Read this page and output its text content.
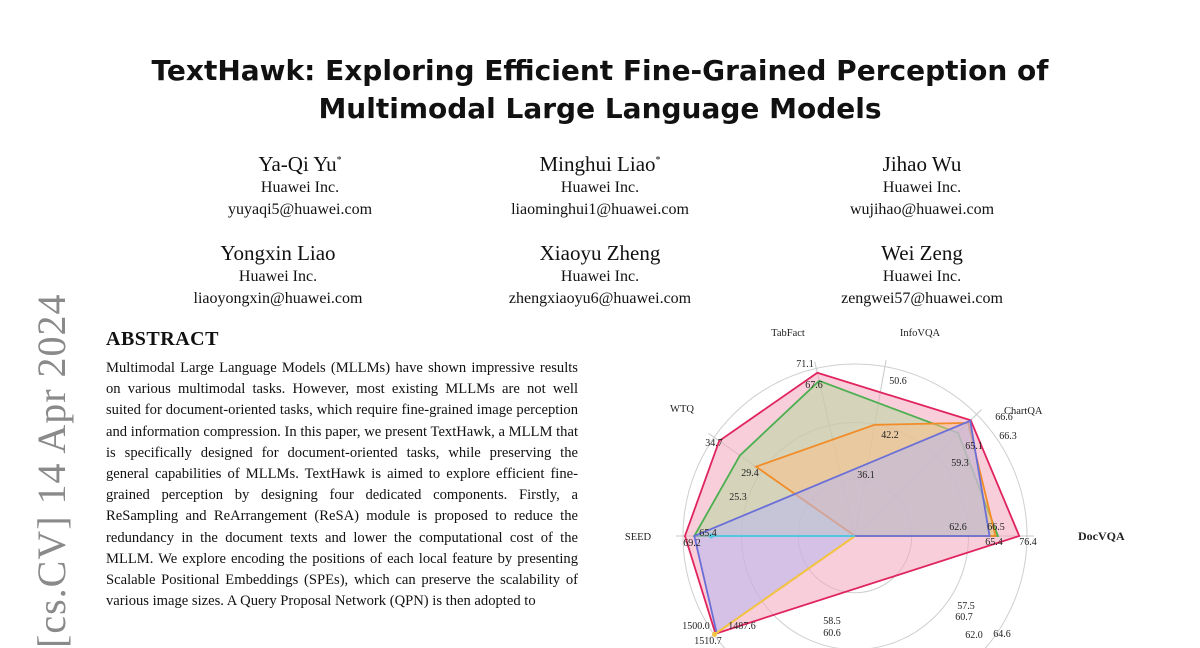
[cs.CV] 14 Apr 2024
TextHawk: Exploring Efficient Fine-Grained Perception of
Multimodal Large Language Models
Ya-Qi Yu*
Huawei Inc.
yuyaqi5@huawei.com
Minghui Liao*
Huawei Inc.
liaominghui1@huawei.com
Jihao Wu
Huawei Inc.
wujihao@huawei.com
Yongxin Liao
Huawei Inc.
liaoyongxin@huawei.com
Xiaoyu Zheng
Huawei Inc.
zhengxiaoyu6@huawei.com
Wei Zeng
Huawei Inc.
zengwei57@huawei.com
ABSTRACT
Multimodal Large Language Models (MLLMs) have shown impressive results on various multimodal tasks. However, most existing MLLMs are not well suited for document-oriented tasks, which require fine-grained image perception and information compression. In this paper, we present TextHawk, a MLLM that is specifically designed for document-oriented tasks, while preserving the general capabilities of MLLMs. TextHawk is aimed to explore efficient fine-grained perception by designing four dedicated components. Firstly, a ReSampling and ReArrangement (ReSA) module is proposed to reduce the redundancy in the document texts and lower the computational cost of the MLLM. We explore encoding the positions of each local feature by presenting Scalable Positional Embeddings (SPEs), which can preserve the scalability of various image sizes. A Query Proposal Network (QPN) is then adopted to
DocVQA
ChartQA
InfoVQA
TabFact
WTQ
SEED
71.1
67.6	50.6
42.2
36.1
66.6
66.3
65.1
59.3
34.7
29.4
25.3
65.4
69.2
62.6 66.5
65.4 76.4
57.5
60.7
62.0 64.6
58.5
60.6
1500.0 1487.6
1510.7
